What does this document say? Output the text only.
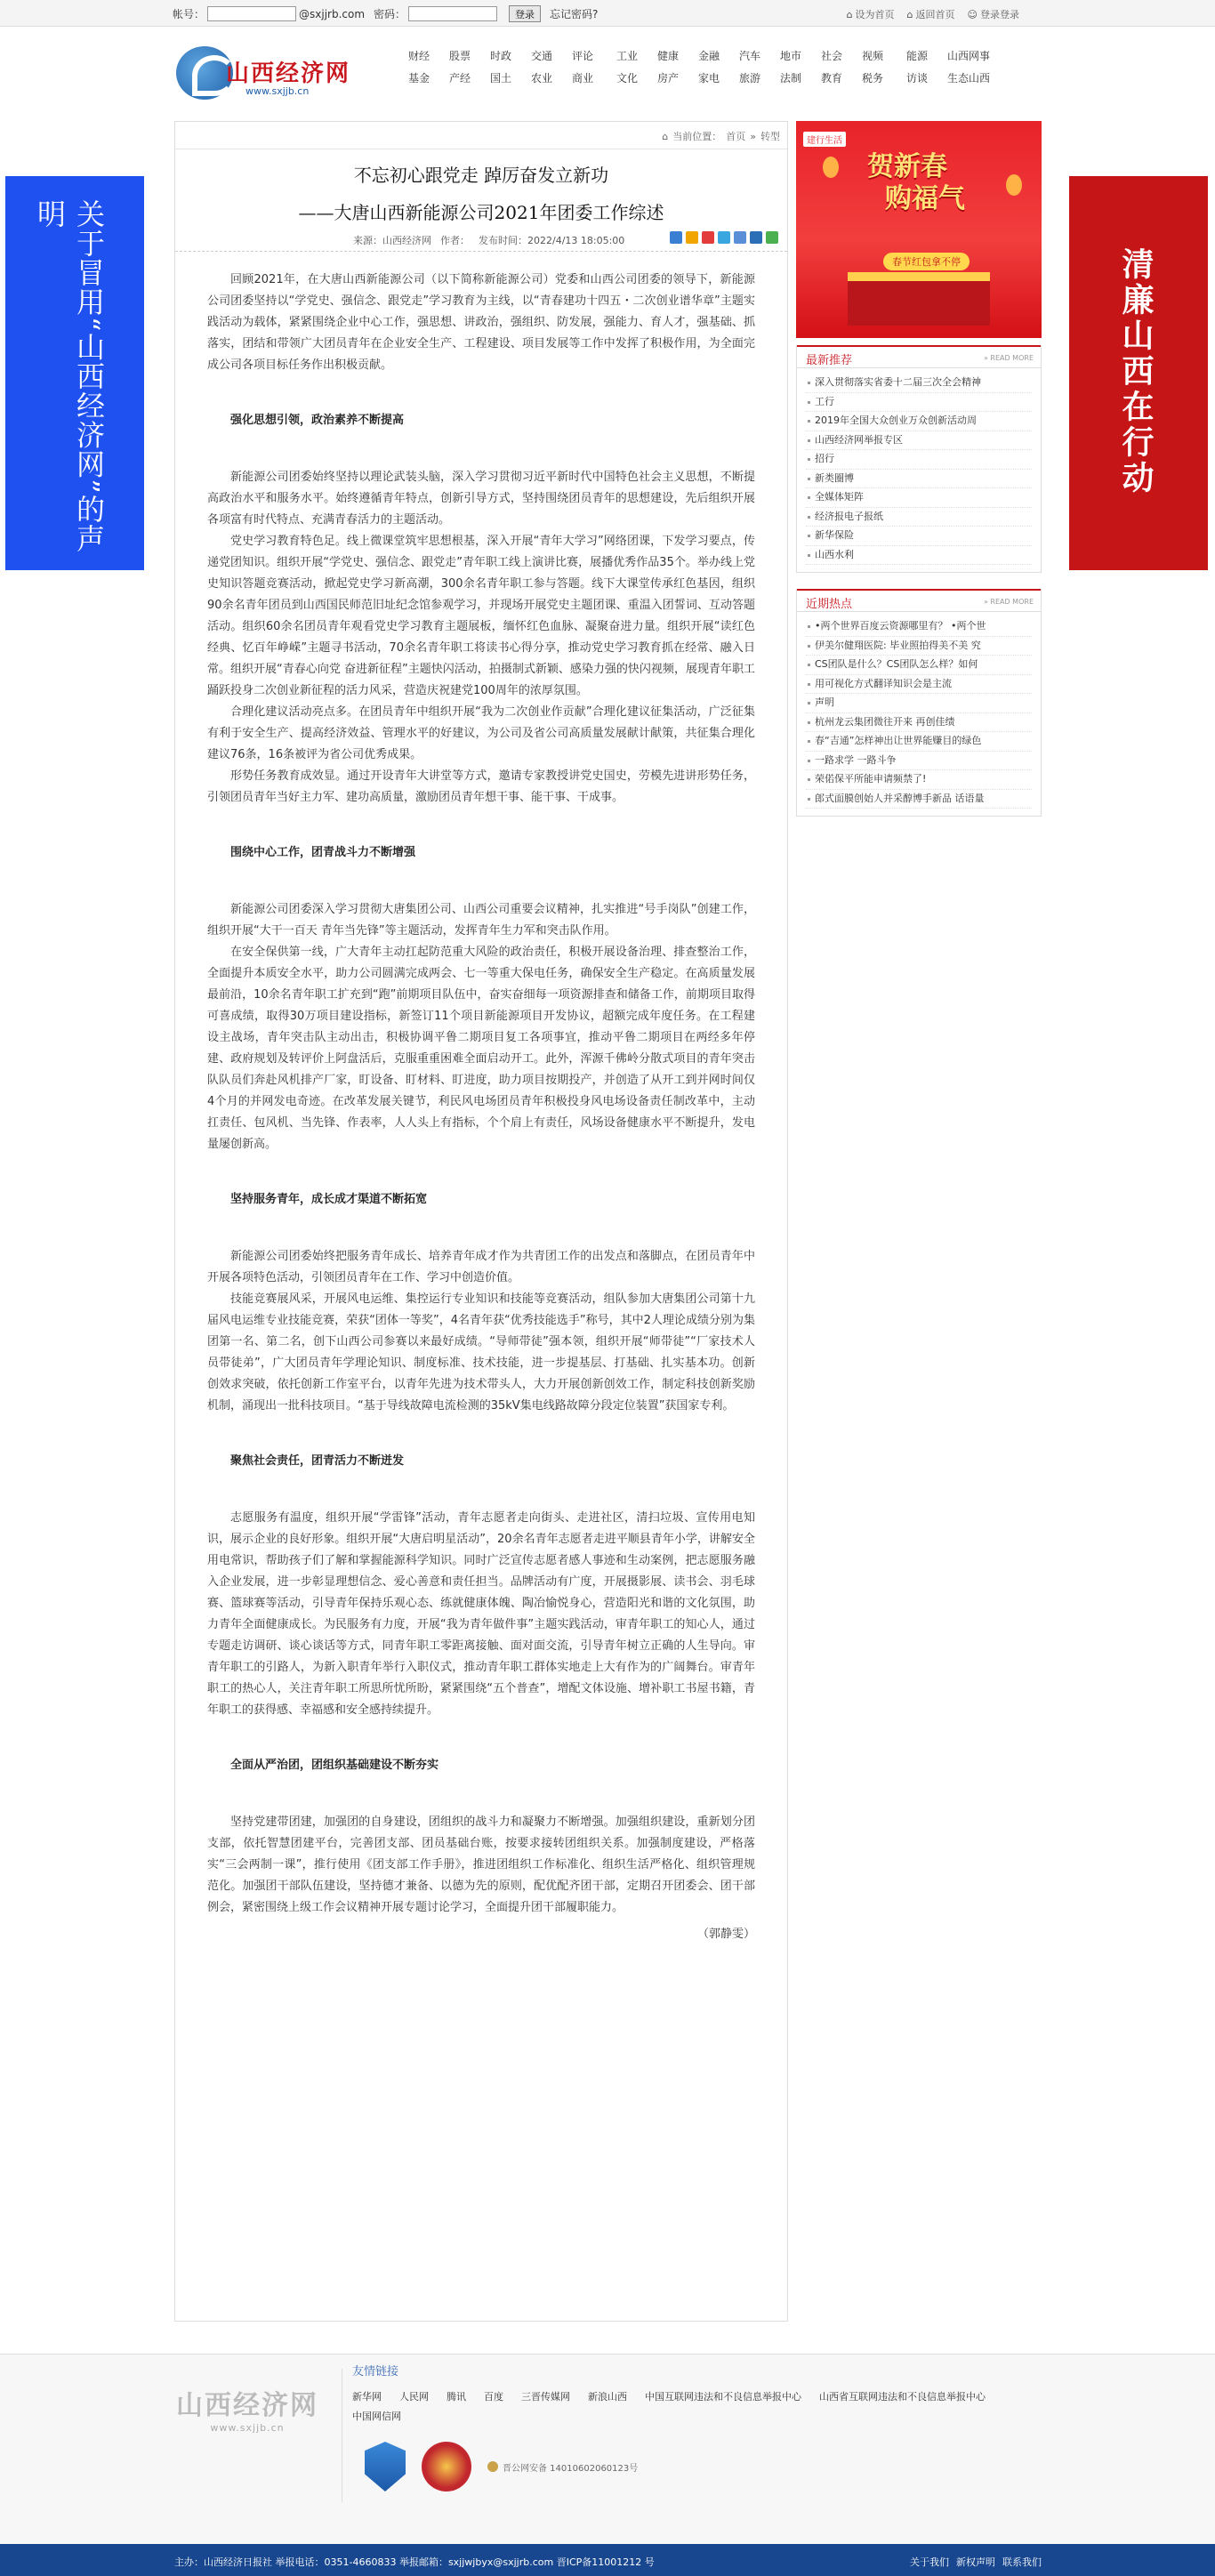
帐号：	@sxjjrb.com 密码：	登录	忘记密码?	⌂ 设为首页 ⌂ 返回首页 ☺ 登录登录
山西经济网
www.sxjjb.cn
财经	股票	时政	交通	评论	工业	健康	金融	汽车	地市	社会	视频	能源	山西网事
基金	产经	国土	农业	商业	文化	房产	家电	旅游	法制	教育	税务	访谈	生态山西
关于冒用“山西经济网”的声明
清廉山西在行动
⌂ 当前位置： 首页 » 转型
不忘初心跟党走 踔厉奋发立新功
——大唐山西新能源公司2021年团委工作综述
来源：山西经济网 作者： 发布时间：2022/4/13 18:05:00

回顾2021年，在大唐山西新能源公司（以下简称新能源公司）党委和山西公司团委的领导下，新能源公司团委坚持以“学党史、强信念、跟党走”学习教育为主线，以“青春建功十四五・二次创业谱华章”主题实践活动为载体，紧紧围绕企业中心工作，强思想、讲政治，强组织、防发展，强能力、育人才，强基础、抓落实，团结和带领广大团员青年在企业安全生产、工程建设、项目发展等工作中发挥了积极作用，为全面完成公司各项目标任务作出积极贡献。

强化思想引领，政治素养不断提高

新能源公司团委始终坚持以理论武装头脑，深入学习贯彻习近平新时代中国特色社会主义思想，不断提高政治水平和服务水平。始终遵循青年特点，创新引导方式，坚持围绕团员青年的思想建设，先后组织开展各项富有时代特点、充满青春活力的主题活动。

党史学习教育特色足。线上微课堂筑牢思想根基，深入开展“青年大学习”网络团课，下发学习要点，传递党团知识。组织开展“学党史、强信念、跟党走”青年职工线上演讲比赛，展播优秀作品35个。举办线上党史知识答题竞赛活动，掀起党史学习新高潮，300余名青年职工参与答题。线下大课堂传承红色基因，组织90余名青年团员到山西国民师范旧址纪念馆参观学习，并现场开展党史主题团课、重温入团誓词、互动答题活动。组织60余名团员青年观看党史学习教育主题展板，缅怀红色血脉、凝聚奋进力量。组织开展“读红色经典、忆百年峥嵘”主题寻书活动，70余名青年职工将读书心得分享，推动党史学习教育抓在经常、融入日常。组织开展“青春心向党 奋进新征程”主题快闪活动，拍摄制式新颖、感染力强的快闪视频，展现青年职工踊跃投身二次创业新征程的活力风采，营造庆祝建党100周年的浓厚氛围。

合理化建议活动亮点多。在团员青年中组织开展“我为二次创业作贡献”合理化建议征集活动，广泛征集有利于安全生产、提高经济效益、管理水平的好建议，为公司及省公司高质量发展献计献策，共征集合理化建议76条，16条被评为省公司优秀成果。

形势任务教育成效显。通过开设青年大讲堂等方式，邀请专家教授讲党史国史，劳模先进讲形势任务，引领团员青年当好主力军、建功高质量，激励团员青年想干事、能干事、干成事。

围绕中心工作，团青战斗力不断增强

新能源公司团委深入学习贯彻大唐集团公司、山西公司重要会议精神，扎实推进“号手岗队”创建工作，组织开展“大干一百天 青年当先锋”等主题活动，发挥青年生力军和突击队作用。

在安全保供第一线，广大青年主动扛起防范重大风险的政治责任，积极开展设备治理、排查整治工作，全面提升本质安全水平，助力公司圆满完成两会、七一等重大保电任务，确保安全生产稳定。在高质量发展最前沿，10余名青年职工扩充到“跑”前期项目队伍中，奋实奋细每一项资源排查和储备工作，前期项目取得可喜成绩，取得30万项目建设指标，新签订11个项目新能源项目开发协议，超额完成年度任务。在工程建设主战场，青年突击队主动出击，积极协调平鲁二期项目复工各项事宜，推动平鲁二期项目在两经多年停建、政府规划及转评价上阿盘活后，克服重重困难全面启动开工。此外，浑源千佛岭分散式项目的青年突击队队员们奔赴风机排产厂家，盯设备、盯材料、盯进度，助力项目按期投产，并创造了从开工到并网时间仅4个月的并网发电奇迹。在改革发展关键节，利民风电场团员青年积极投身风电场设备责任制改革中，主动扛责任、包风机、当先锋、作表率，人人头上有指标，个个肩上有责任，风场设备健康水平不断提升，发电量屡创新高。

坚持服务青年，成长成才渠道不断拓宽

新能源公司团委始终把服务青年成长、培养青年成才作为共青团工作的出发点和落脚点，在团员青年中开展各项特色活动，引领团员青年在工作、学习中创造价值。

技能竞赛展风采，开展风电运维、集控运行专业知识和技能等竞赛活动，组队参加大唐集团公司第十九届风电运维专业技能竞赛，荣获“团体一等奖”，4名青年获“优秀技能选手”称号，其中2人理论成绩分别为集团第一名、第二名，创下山西公司参赛以来最好成绩。“导师带徒”强本领，组织开展“师带徒”“厂家技术人员带徒弟”，广大团员青年学理论知识、制度标准、技术技能，进一步提基层、打基础、扎实基本功。创新创效求突破，依托创新工作室平台，以青年先进为技术带头人，大力开展创新创效工作，制定科技创新奖励机制，涌现出一批科技项目。“基于导线故障电流检测的35kV集电线路故障分段定位装置”获国家专利。

聚焦社会责任，团青活力不断迸发

志愿服务有温度，组织开展“学雷锋”活动，青年志愿者走向街头、走进社区，清扫垃圾、宣传用电知识，展示企业的良好形象。组织开展“大唐启明星活动”，20余名青年志愿者走进平顺县青年小学，讲解安全用电常识，帮助孩子们了解和掌握能源科学知识。同时广泛宣传志愿者感人事迹和生动案例，把志愿服务融入企业发展，进一步彰显理想信念、爱心善意和责任担当。品牌活动有广度，开展摄影展、读书会、羽毛球赛、篮球赛等活动，引导青年保持乐观心态、练就健康体魄、陶冶愉悦身心，营造阳光和谐的文化氛围，助力青年全面健康成长。为民服务有力度，开展“我为青年做件事”主题实践活动，审青年职工的知心人，通过专题走访调研、谈心谈话等方式，同青年职工零距离接触、面对面交流，引导青年树立正确的人生导向。审青年职工的引路人，为新入职青年举行入职仪式，推动青年职工群体实地走上大有作为的广阔舞台。审青年职工的热心人，关注青年职工所思所忧所盼，紧紧围绕“五个普查”，增配文体设施、增补职工书屋书籍，青年职工的获得感、幸福感和安全感持续提升。

全面从严治团，团组织基础建设不断夯实

坚持党建带团建，加强团的自身建设，团组织的战斗力和凝聚力不断增强。加强组织建设，重新划分团支部，依托智慧团建平台，完善团支部、团员基础台账，按要求接转团组织关系。加强制度建设，严格落实“三会两制一课”，推行使用《团支部工作手册》，推进团组织工作标准化、组织生活严格化、组织管理规范化。加强团干部队伍建设，坚持德才兼备、以德为先的原则，配优配齐团干部，定期召开团委会、团干部例会，紧密围绕上级工作会议精神开展专题讨论学习，全面提升团干部履职能力。

（郭静雯）

建行生活
贺新春
购福气
春节红包拿不停
最新推荐	» READ MORE
深入贯彻落实省委十二届三次全会精神
工行
2019年全国大众创业万众创新活动周
山西经济网举报专区
招行
新类圈博
全媒体矩阵
经济报电子报纸
新华保险
山西水利
近期热点	» READ MORE
•两个世界百度云资源哪里有？ •两个世
伊美尔健翔医院: 毕业照拍得美不美 究
CS团队是什么？CS团队怎么样？如何
用可视化方式翻译知识会是主流
声明
杭州龙云集团微往开来 再创佳绩
春“吉通”怎样神出让世界能赚目的绿色
一路求学 一路斗争
荣偌保平所能申请频禁了!
郎式面膜创始人并采醇博手新品 话语量
山西经济网
www.sxjjb.cn
友情链接
新华网 人民网 腾讯 百度 三晋传媒网 新浪山西 中国互联网违法和不良信息举报中心 山西省互联网违法和不良信息举报中心中国网信网
晋公网安备 14010602060123号
主办：山西经济日报社 举报电话：0351-4660833 举报邮箱：sxjjwjbyx@sxjjrb.com 晋ICP备11001212 号	关于我们 新权声明 联系我们
